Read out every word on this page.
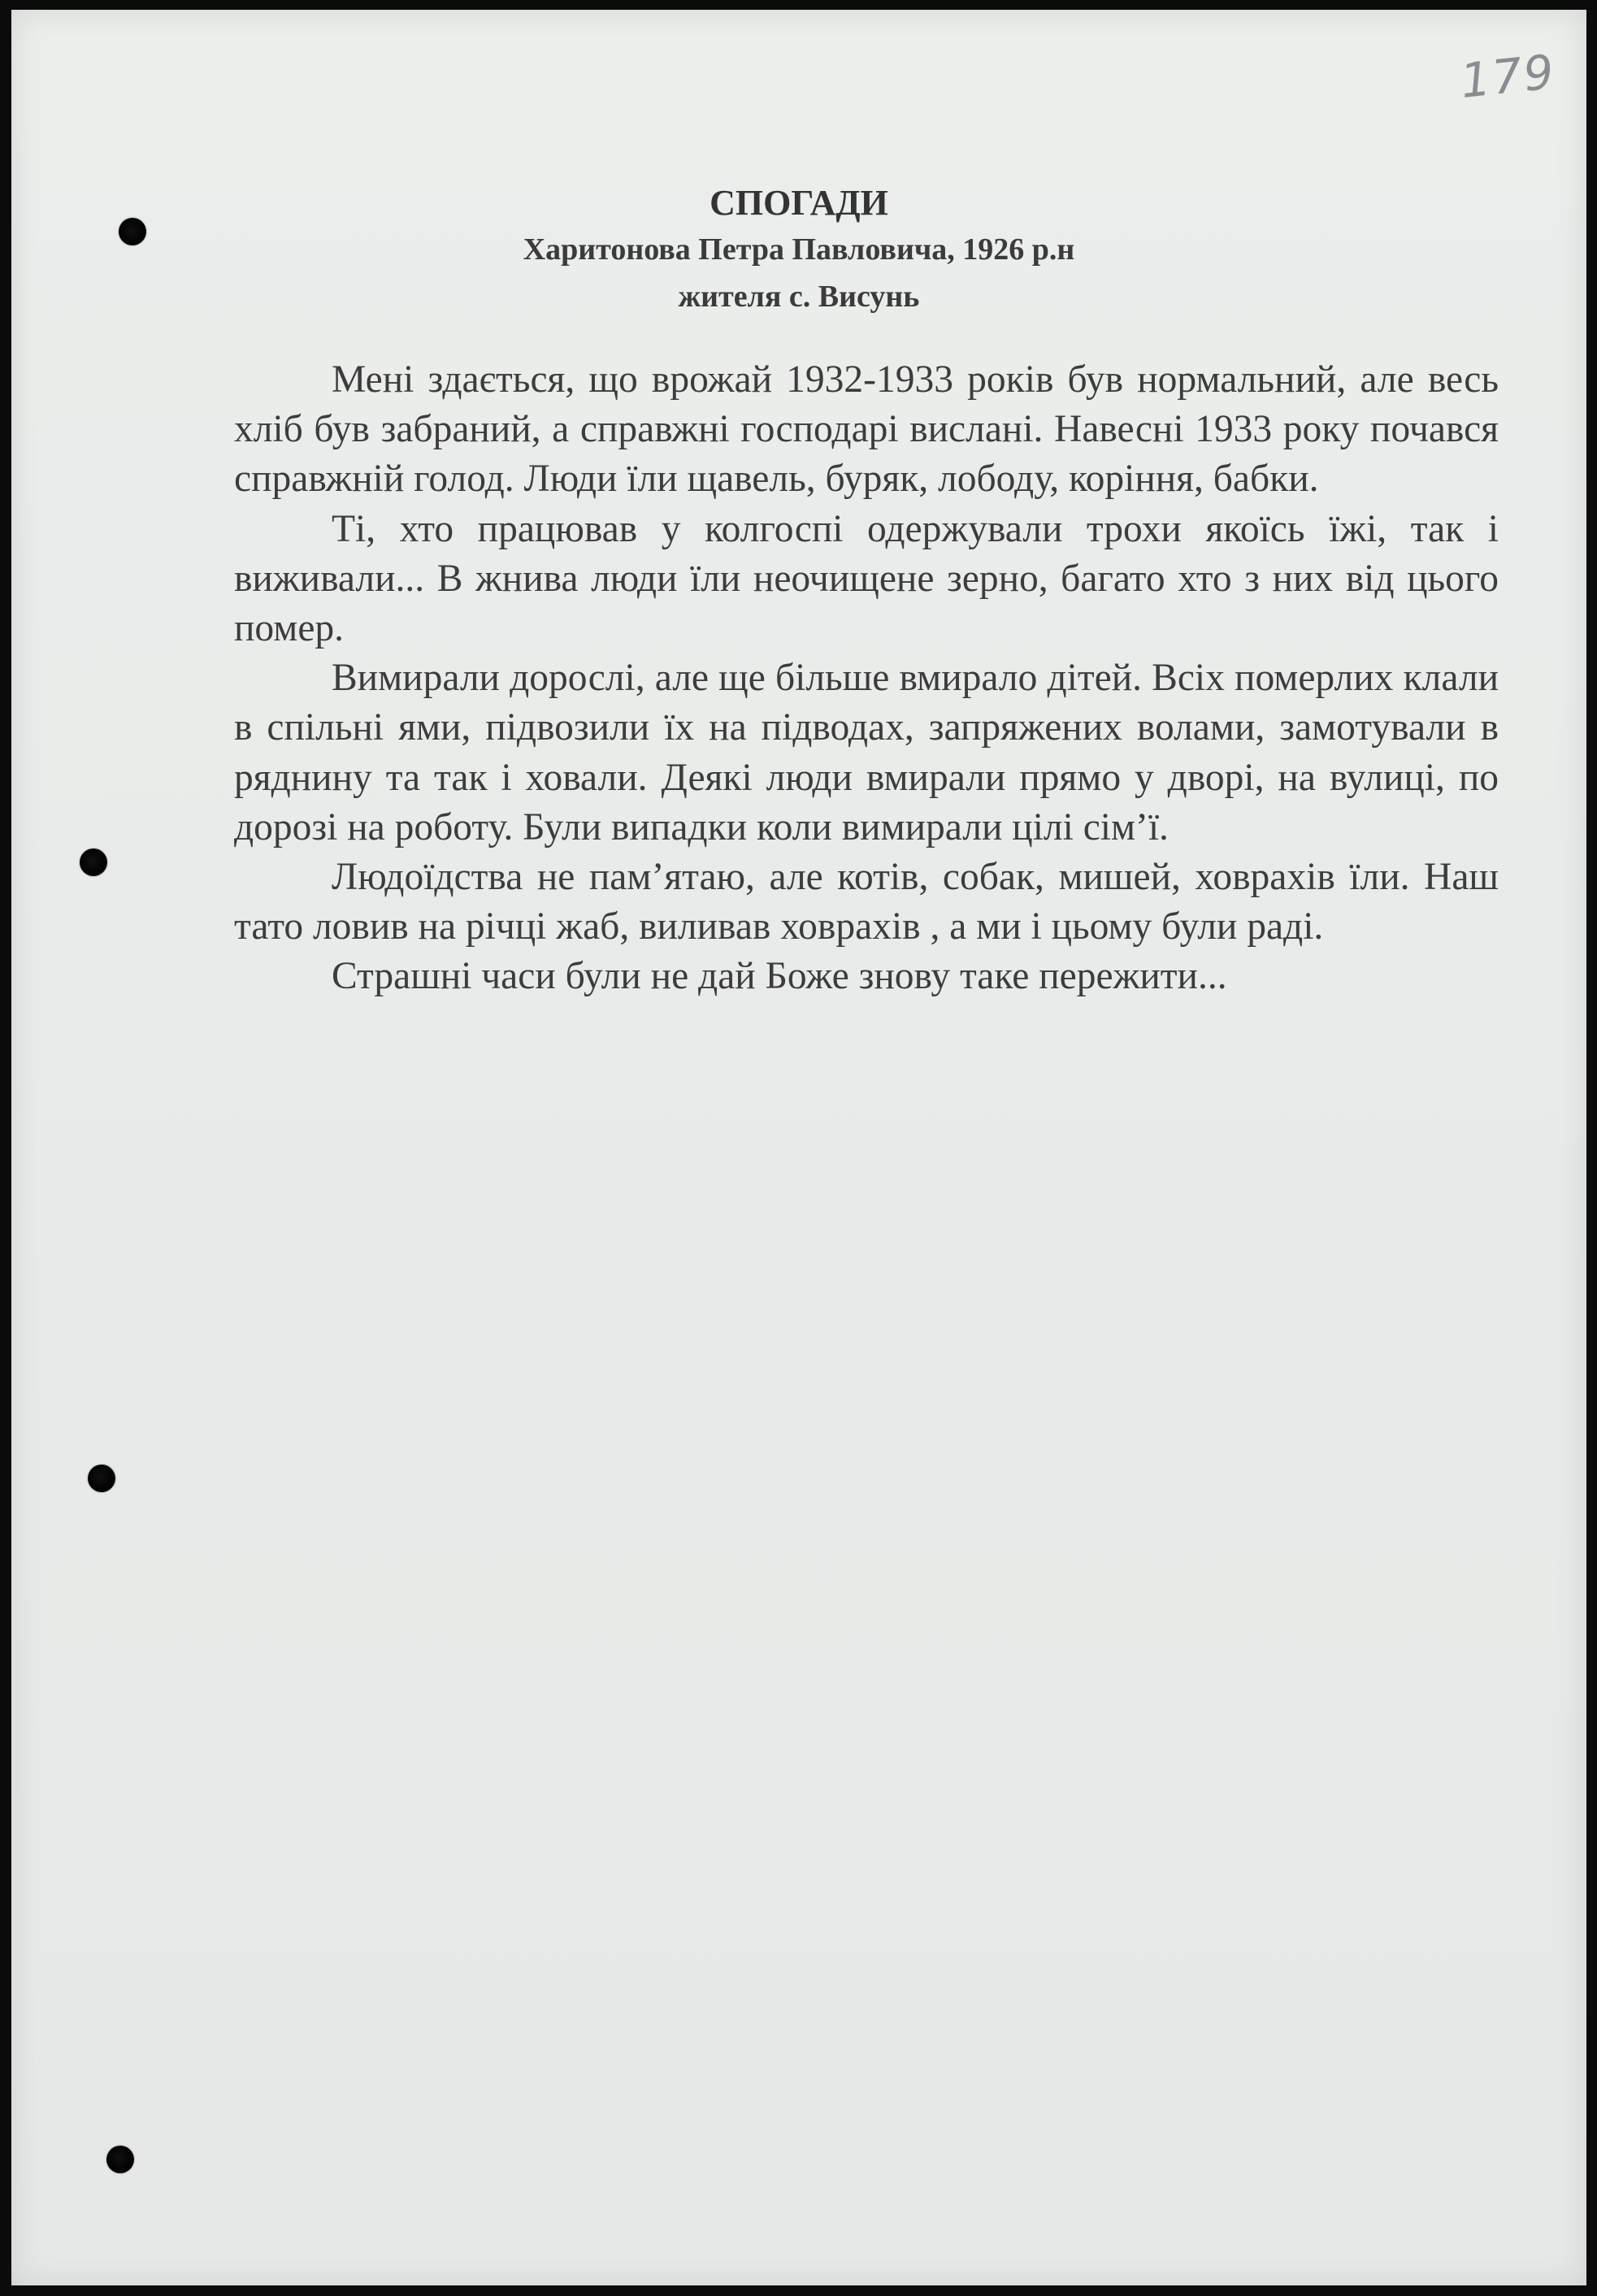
179
СПОГАДИ
Харитонова Петра Павловича, 1926 р.н
жителя с. Висунь

Мені здається, що врожай 1932-1933 років був нормальний, але весь хліб був забраний, а справжні господарі вислані. Навесні 1933 року почався справжній голод. Люди їли щавель, буряк, лободу, коріння, бабки.

Ті, хто працював у колгоспі одержували трохи якоїсь їжі, так і виживали... В жнива люди їли неочищене зерно, багато хто з них від цього помер.

Вимирали дорослі, але ще більше вмирало дітей. Всіх померлих клали в спільні ями, підвозили їх на підводах, запряжених волами, замотували в ряднину та так і ховали. Деякі люди вмирали прямо у дворі, на вулиці, по дорозі на роботу. Були випадки коли вимирали цілі сім’ї.

Людоїдства не пам’ятаю, але котів, собак, мишей, ховрахів їли. Наш тато ловив на річці жаб, виливав ховрахів , а ми і цьому були раді.

Страшні часи були не дай Боже знову таке пережити...
